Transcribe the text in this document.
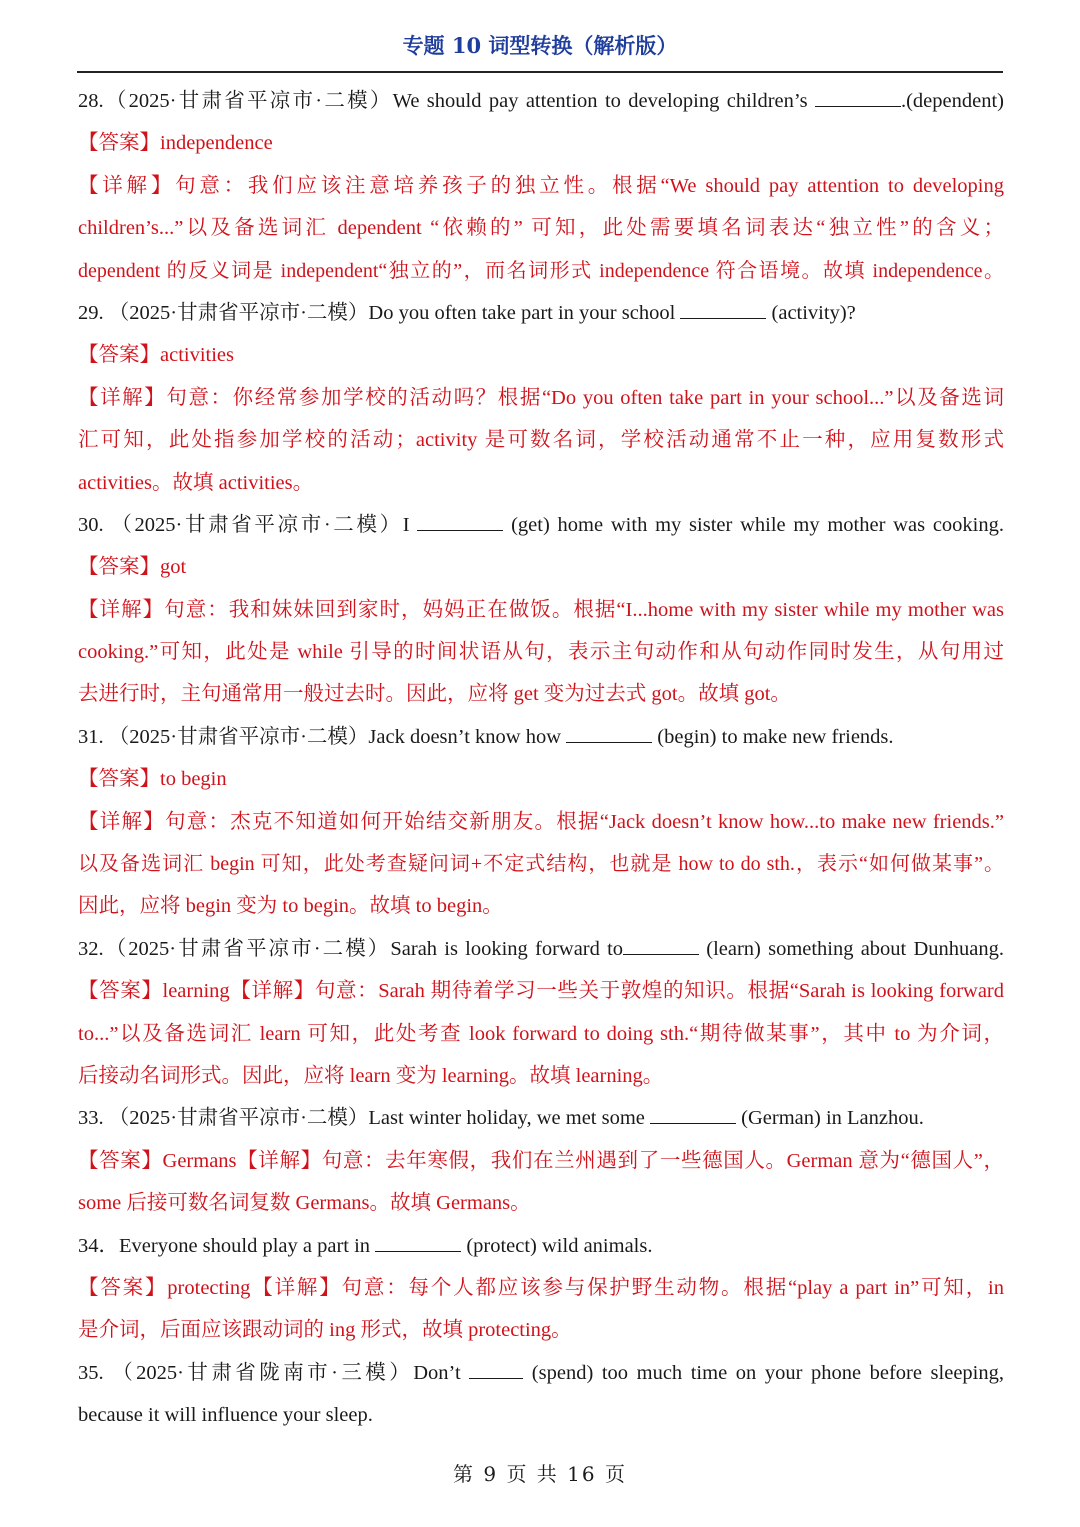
专题 10 词型转换（解析版）
28.（2025·甘肃省平凉市·二模）We should pay attention to developing children’s	.(dependent)
【答案】independence
【详解】句意：我们应该注意培养孩子的独立性。根据“We should pay attention to developing
children’s...”以及备选词汇 dependent “依赖的” 可知，此处需要填名词表达“独立性”的含义；
dependent 的反义词是 independent“独立的”，而名词形式 independence 符合语境。故填 independence。
29. （2025·甘肃省平凉市·二模）Do you often take part in your school	(activity)?
【答案】activities
【详解】句意：你经常参加学校的活动吗？根据“Do you often take part in your school...”以及备选词
汇可知，此处指参加学校的活动；activity 是可数名词，学校活动通常不止一种，应用复数形式
activities。故填 activities。
30. （2025·甘肃省平凉市·二模）I	(get) home with my sister while my mother was cooking.
【答案】got
【详解】句意：我和妹妹回到家时，妈妈正在做饭。根据“I...home with my sister while my mother was
cooking.”可知，此处是 while 引导的时间状语从句，表示主句动作和从句动作同时发生，从句用过
去进行时，主句通常用一般过去时。因此，应将 get 变为过去式 got。故填 got。
31. （2025·甘肃省平凉市·二模）Jack doesn’t know how	(begin) to make new friends.
【答案】to begin
【详解】句意：杰克不知道如何开始结交新朋友。根据“Jack doesn’t know how...to make new friends.”
以及备选词汇 begin 可知，此处考查疑问词+不定式结构，也就是 how to do sth.，表示“如何做某事”。
因此，应将 begin 变为 to begin。故填 to begin。
32.（2025·甘肃省平凉市·二模）Sarah is looking forward to	(learn) something about Dunhuang.
【答案】learning【详解】句意：Sarah 期待着学习一些关于敦煌的知识。根据“Sarah is looking forward
to...”以及备选词汇 learn 可知，此处考查 look forward to doing sth.“期待做某事”，其中 to 为介词，
后接动名词形式。因此，应将 learn 变为 learning。故填 learning。
33. （2025·甘肃省平凉市·二模）Last winter holiday, we met some	(German) in Lanzhou.
【答案】Germans【详解】句意：去年寒假，我们在兰州遇到了一些德国人。German 意为“德国人”，
some 后接可数名词复数 Germans。故填 Germans。
34．Everyone should play a part in	(protect) wild animals.
【答案】protecting【详解】句意：每个人都应该参与保护野生动物。根据“play a part in”可知，in
是介词，后面应该跟动词的 ing 形式，故填 protecting。
35. （2025·甘肃省陇南市·三模）Don’t	(spend) too much time on your phone before sleeping,
because it will influence your sleep.
第 9 页 共 16 页
